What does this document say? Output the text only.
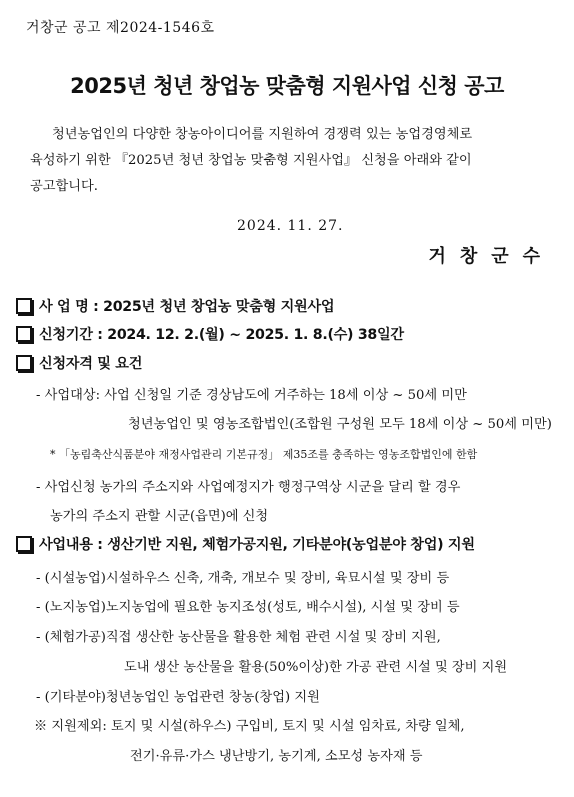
거창군 공고 제2024-1546호
2025년 청년 창업농 맞춤형 지원사업 신청 공고

청년농업인의 다양한 창농아이디어를 지원하여 경쟁력 있는 농업경영체로

육성하기 위한 『2025년 청년 창업농 맞춤형 지원사업』 신청을 아래와 같이

공고합니다.

2024. 11. 27.
거창군수
사 업 명 : 2025년 청년 창업농 맞춤형 지원사업
신청기간 : 2024. 12. 2.(월) ~ 2025. 1. 8.(수) 38일간
신청자격 및 요건
- 사업대상: 사업 신청일 기준 경상남도에 거주하는 18세 이상 ~ 50세 미만
청년농업인 및 영농조합법인(조합원 구성원 모두 18세 이상 ~ 50세 미만)
* 「농림축산식품분야 재정사업관리 기본규정」 제35조를 충족하는 영농조합법인에 한함
- 사업신청 농가의 주소지와 사업예정지가 행정구역상 시군을 달리 할 경우
농가의 주소지 관할 시군(읍면)에 신청
사업내용 : 생산기반 지원, 체험가공지원, 기타분야(농업분야 창업) 지원
- (시설농업)시설하우스 신축, 개축, 개보수 및 장비, 육묘시설 및 장비 등
- (노지농업)노지농업에 필요한 농지조성(성토, 배수시설), 시설 및 장비 등
- (체험가공)직접 생산한 농산물을 활용한 체험 관련 시설 및 장비 지원,
도내 생산 농산물을 활용(50%이상)한 가공 관련 시설 및 장비 지원
- (기타분야)청년농업인 농업관련 창농(창업) 지원
※ 지원제외: 토지 및 시설(하우스) 구입비, 토지 및 시설 임차료, 차량 일체,
전기·유류·가스 냉난방기, 농기계, 소모성 농자재 등
